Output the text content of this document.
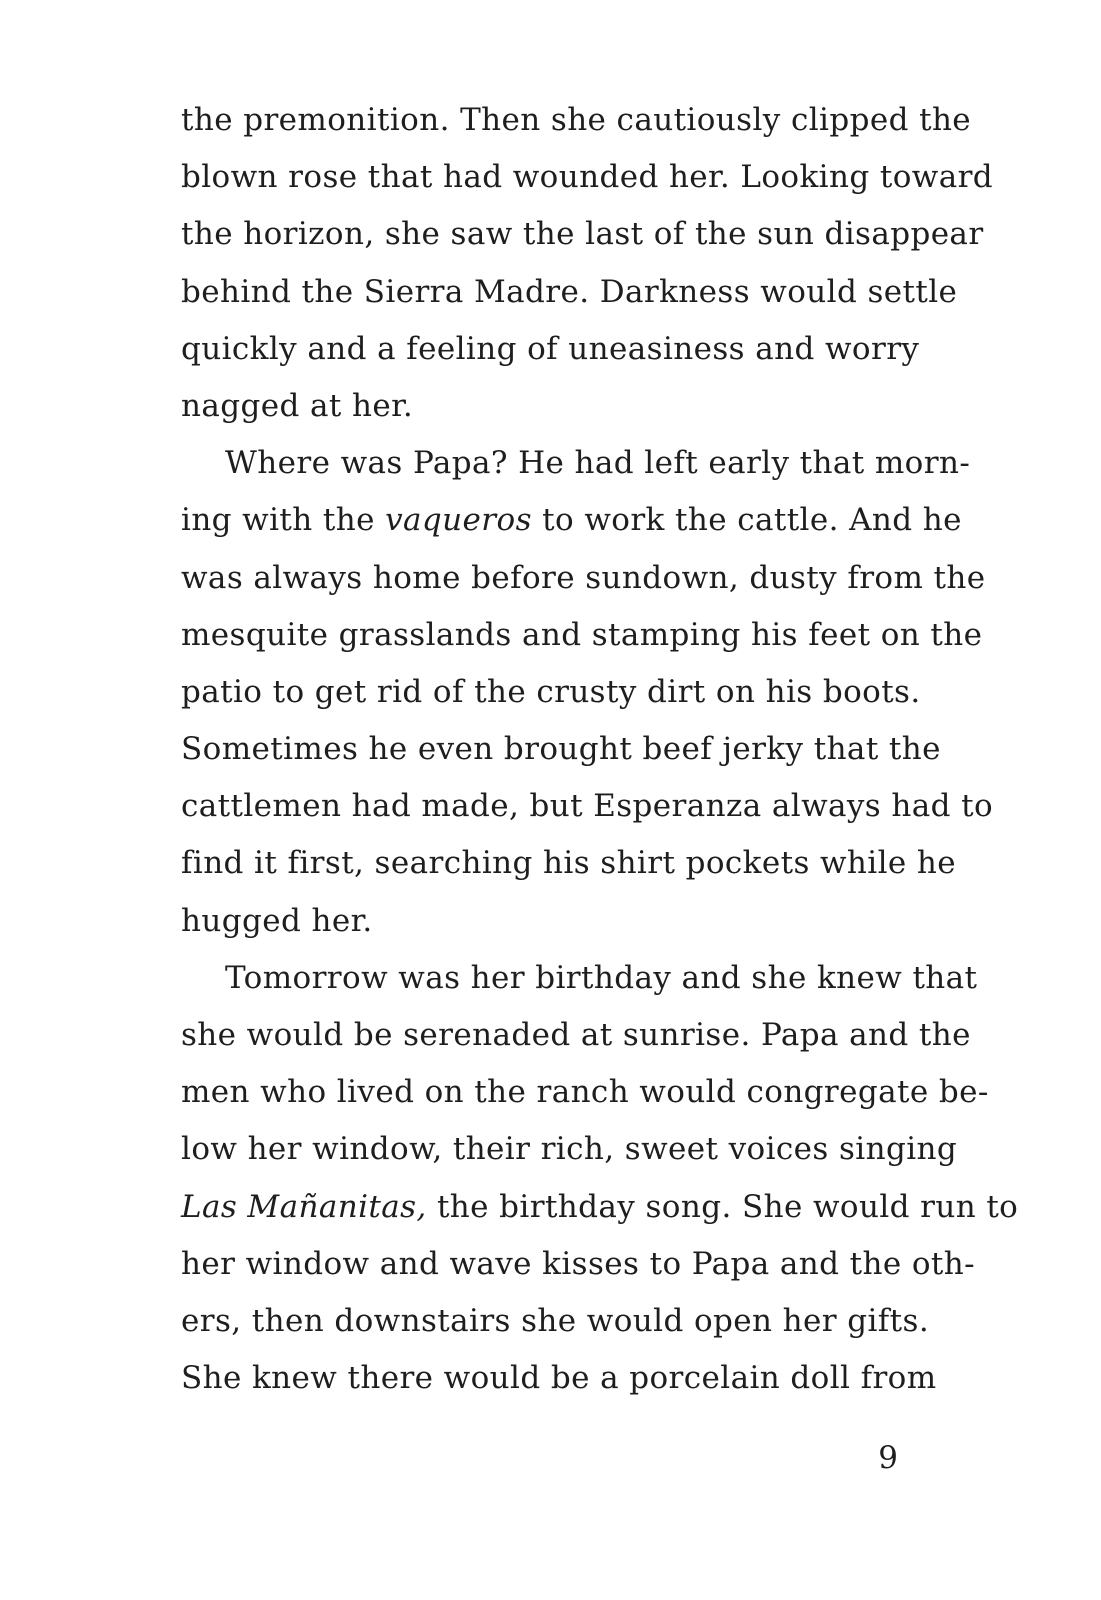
the premonition. Then she cautiously clipped the
blown rose that had wounded her. Looking toward
the horizon, she saw the last of the sun disappear
behind the Sierra Madre. Darkness would settle
quickly and a feeling of uneasiness and worry
nagged at her.
Where was Papa? He had left early that morn-
ing with the vaqueros to work the cattle. And he
was always home before sundown, dusty from the
mesquite grasslands and stamping his feet on the
patio to get rid of the crusty dirt on his boots.
Sometimes he even brought beef jerky that the
cattlemen had made, but Esperanza always had to
find it first, searching his shirt pockets while he
hugged her.
Tomorrow was her birthday and she knew that
she would be serenaded at sunrise. Papa and the
men who lived on the ranch would congregate be-
low her window, their rich, sweet voices singing
Las Mañanitas, the birthday song. She would run to
her window and wave kisses to Papa and the oth-
ers, then downstairs she would open her gifts.
She knew there would be a porcelain doll from
9
